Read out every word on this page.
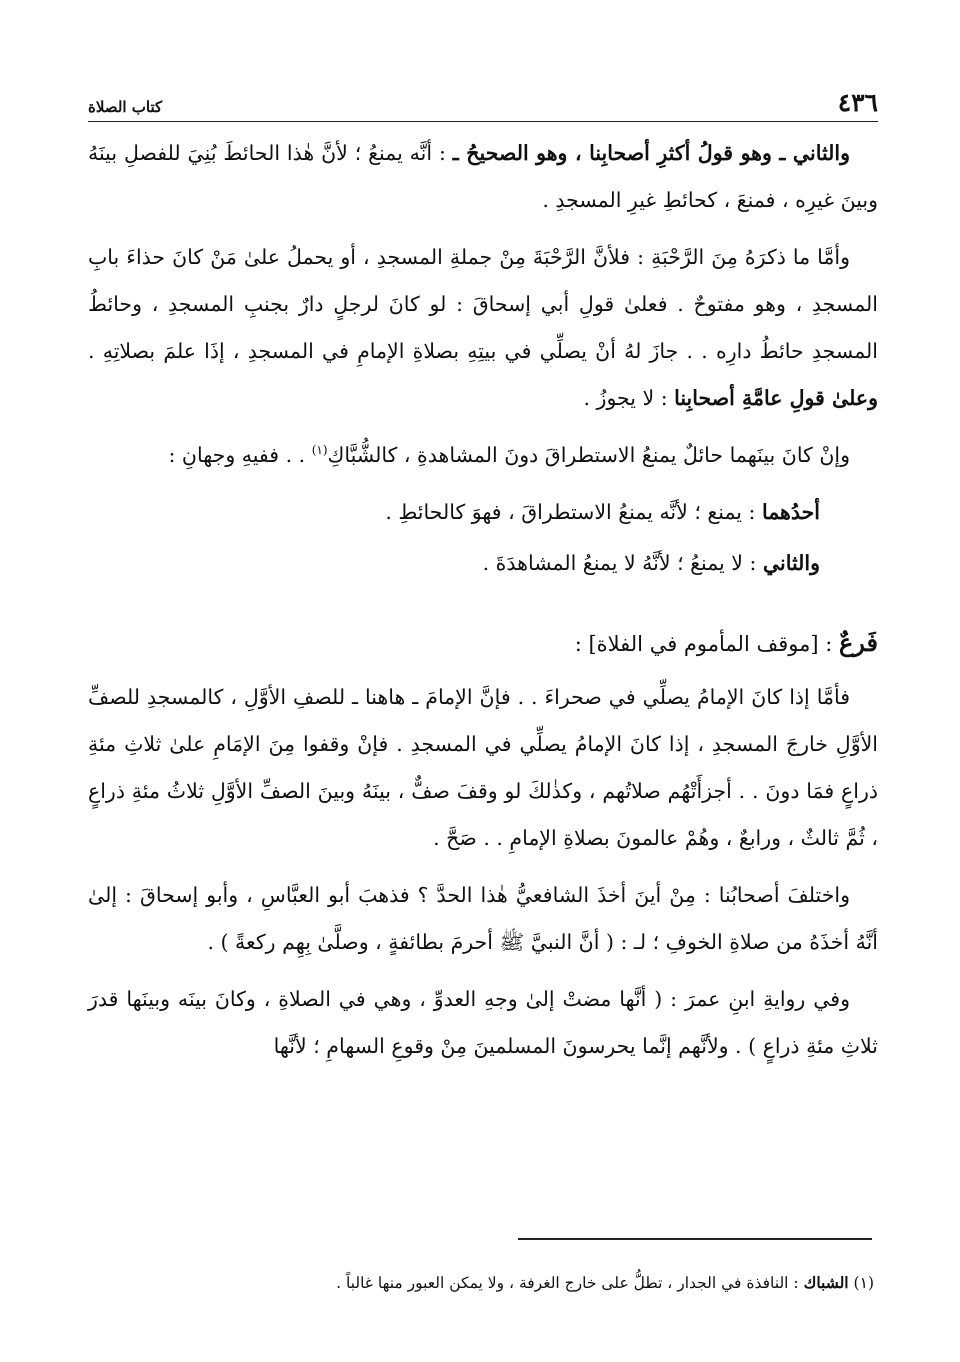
٤٣٦
كتاب الصلاة

والثاني ـ وهو قولُ أكثرِ أصحابِنا ، وهو الصحيحُ ـ : أنَّه يمنعُ ؛ لأنَّ هٰذا الحائطَ بُنِيَ للفصلِ بينَهُ وبينَ غيرِه ، فمنعَ ، كحائطِ غيرِ المسجدِ .

وأمَّا ما ذكرَهُ مِنَ الرَّحْبَةِ : فلأنَّ الرَّحْبَةَ مِنْ جملةِ المسجدِ ، أو يحملُ علىٰ مَنْ كانَ حذاءَ بابِ المسجدِ ، وهو مفتوحٌ . فعلىٰ قولِ أبي إسحاقَ : لو كانَ لرجلٍ دارٌ بجنبِ المسجدِ ، وحائطُ المسجدِ حائطُ دارِه . . جازَ لهُ أنْ يصلِّي في بيتِهِ بصلاةِ الإمامِ في المسجدِ ، إذَا علمَ بصلاتِهِ . وعلىٰ قولِ عامَّةِ أصحابِنا : لا يجوزُ .

وإنْ كانَ بينَهما حائلٌ يمنعُ الاستطراقَ دونَ المشاهدةِ ، كالشُّبَّاكِ$^{(١)}$ . . ففيهِ وجهانِ :

أحدُهما : يمنع ؛ لأنَّه يمنعُ الاستطراقَ ، فهوَ كالحائطِ .

والثاني : لا يمنعُ ؛ لأنَّهُ لا يمنعُ المشاهدَةَ .

فَرعٌ : [موقف المأموم في الفلاة] :

فأمَّا إذا كانَ الإمامُ يصلِّي في صحراءَ . . فإنَّ الإمامَ ـ هاهنا ـ للصفِ الأوَّلِ ، كالمسجدِ للصفِّ الأوَّلِ خارجَ المسجدِ ، إذا كانَ الإمامُ يصلِّي في المسجدِ . فإنْ وقفوا مِنَ الإمَامِ علىٰ ثلاثِ مئةِ ذراعٍ فمَا دونَ . . أجزأَتْهُم صلاتُهم ، وكذٰلكَ لو وقفَ صفٌّ ، بينَهُ وبينَ الصفِّ الأوَّلِ ثلاثُ مئةِ ذراعٍ ، ثُمَّ ثالثٌ ، ورابعٌ ، وهُمْ عالمونَ بصلاةِ الإمامِ . . صَحَّ .

واختلفَ أصحابُنا : مِنْ أينَ أخذَ الشافعيُّ هٰذا الحدَّ ؟ فذهبَ أبو العبَّاسِ ، وأبو إسحاقَ : إلىٰ أنَّهُ أخذَهُ من صلاةِ الخوفِ ؛ لـ : ( أنَّ النبيَّ ﷺ أحرمَ بطائفةٍ ، وصلَّىٰ بِهِم ركعةً ) .

وفي روايةِ ابنِ عمرَ : ( أنَّها مضتْ إلىٰ وجهِ العدوِّ ، وهي في الصلاةِ ، وكانَ بينَه وبينَها قدرَ ثلاثِ مئةِ ذراعٍ ) . ولأنَّهم إنَّما يحرسونَ المسلمينَ مِنْ وقوعِ السهامِ ؛ لأنَّها

(١) الشباك : النافذة في الجدار ، تطلُّ على خارج الغرفة ، ولا يمكن العبور منها غالباً .
